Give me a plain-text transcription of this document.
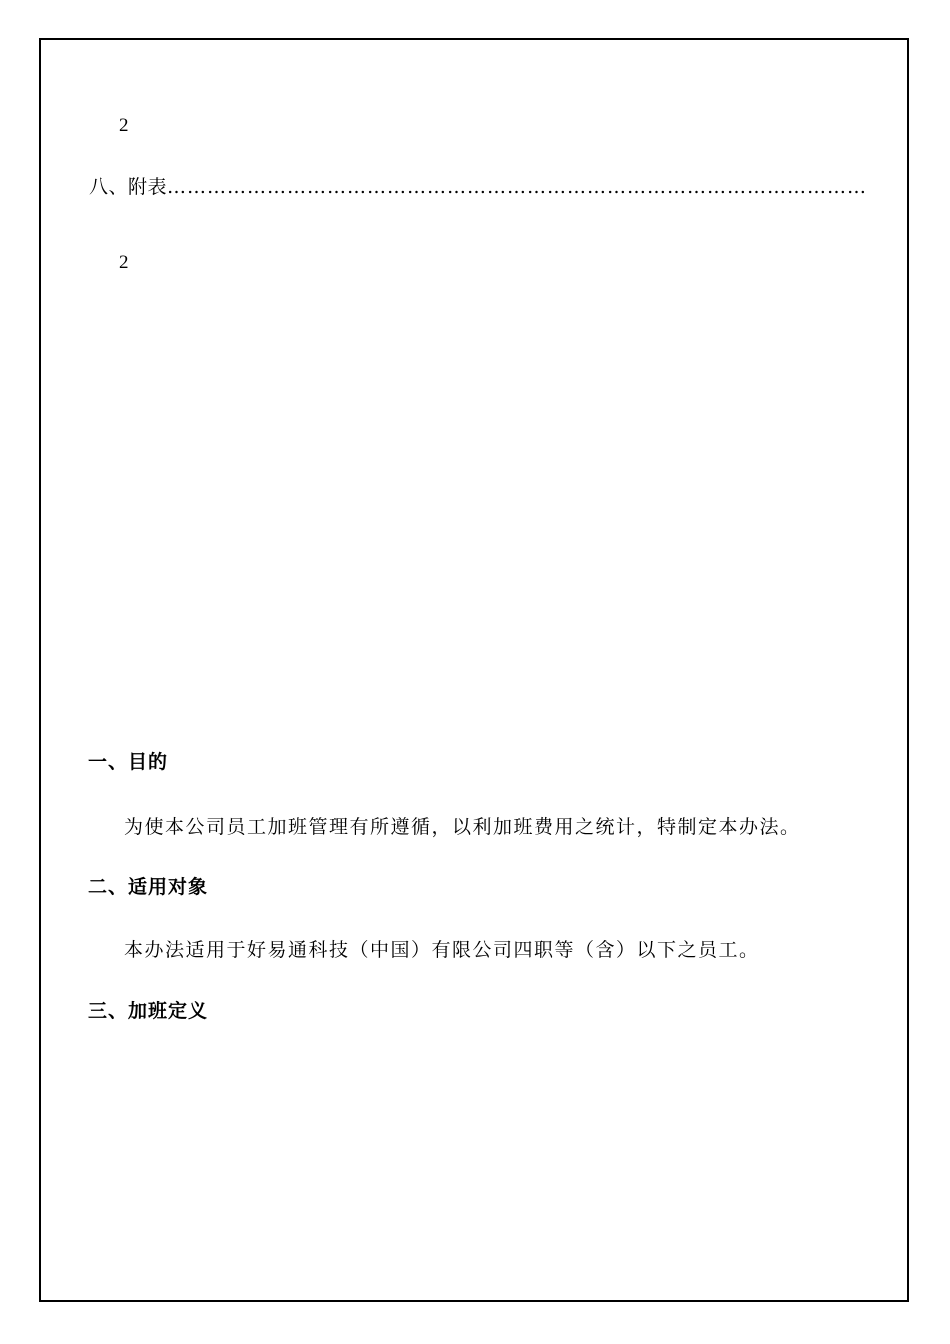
2
八、附表……………………………………………………………………………………………
2
一、目的
为使本公司员工加班管理有所遵循，以利加班费用之统计，特制定本办法。
二、适用对象
本办法适用于好易通科技（中国）有限公司四职等（含）以下之员工。
三、加班定义
